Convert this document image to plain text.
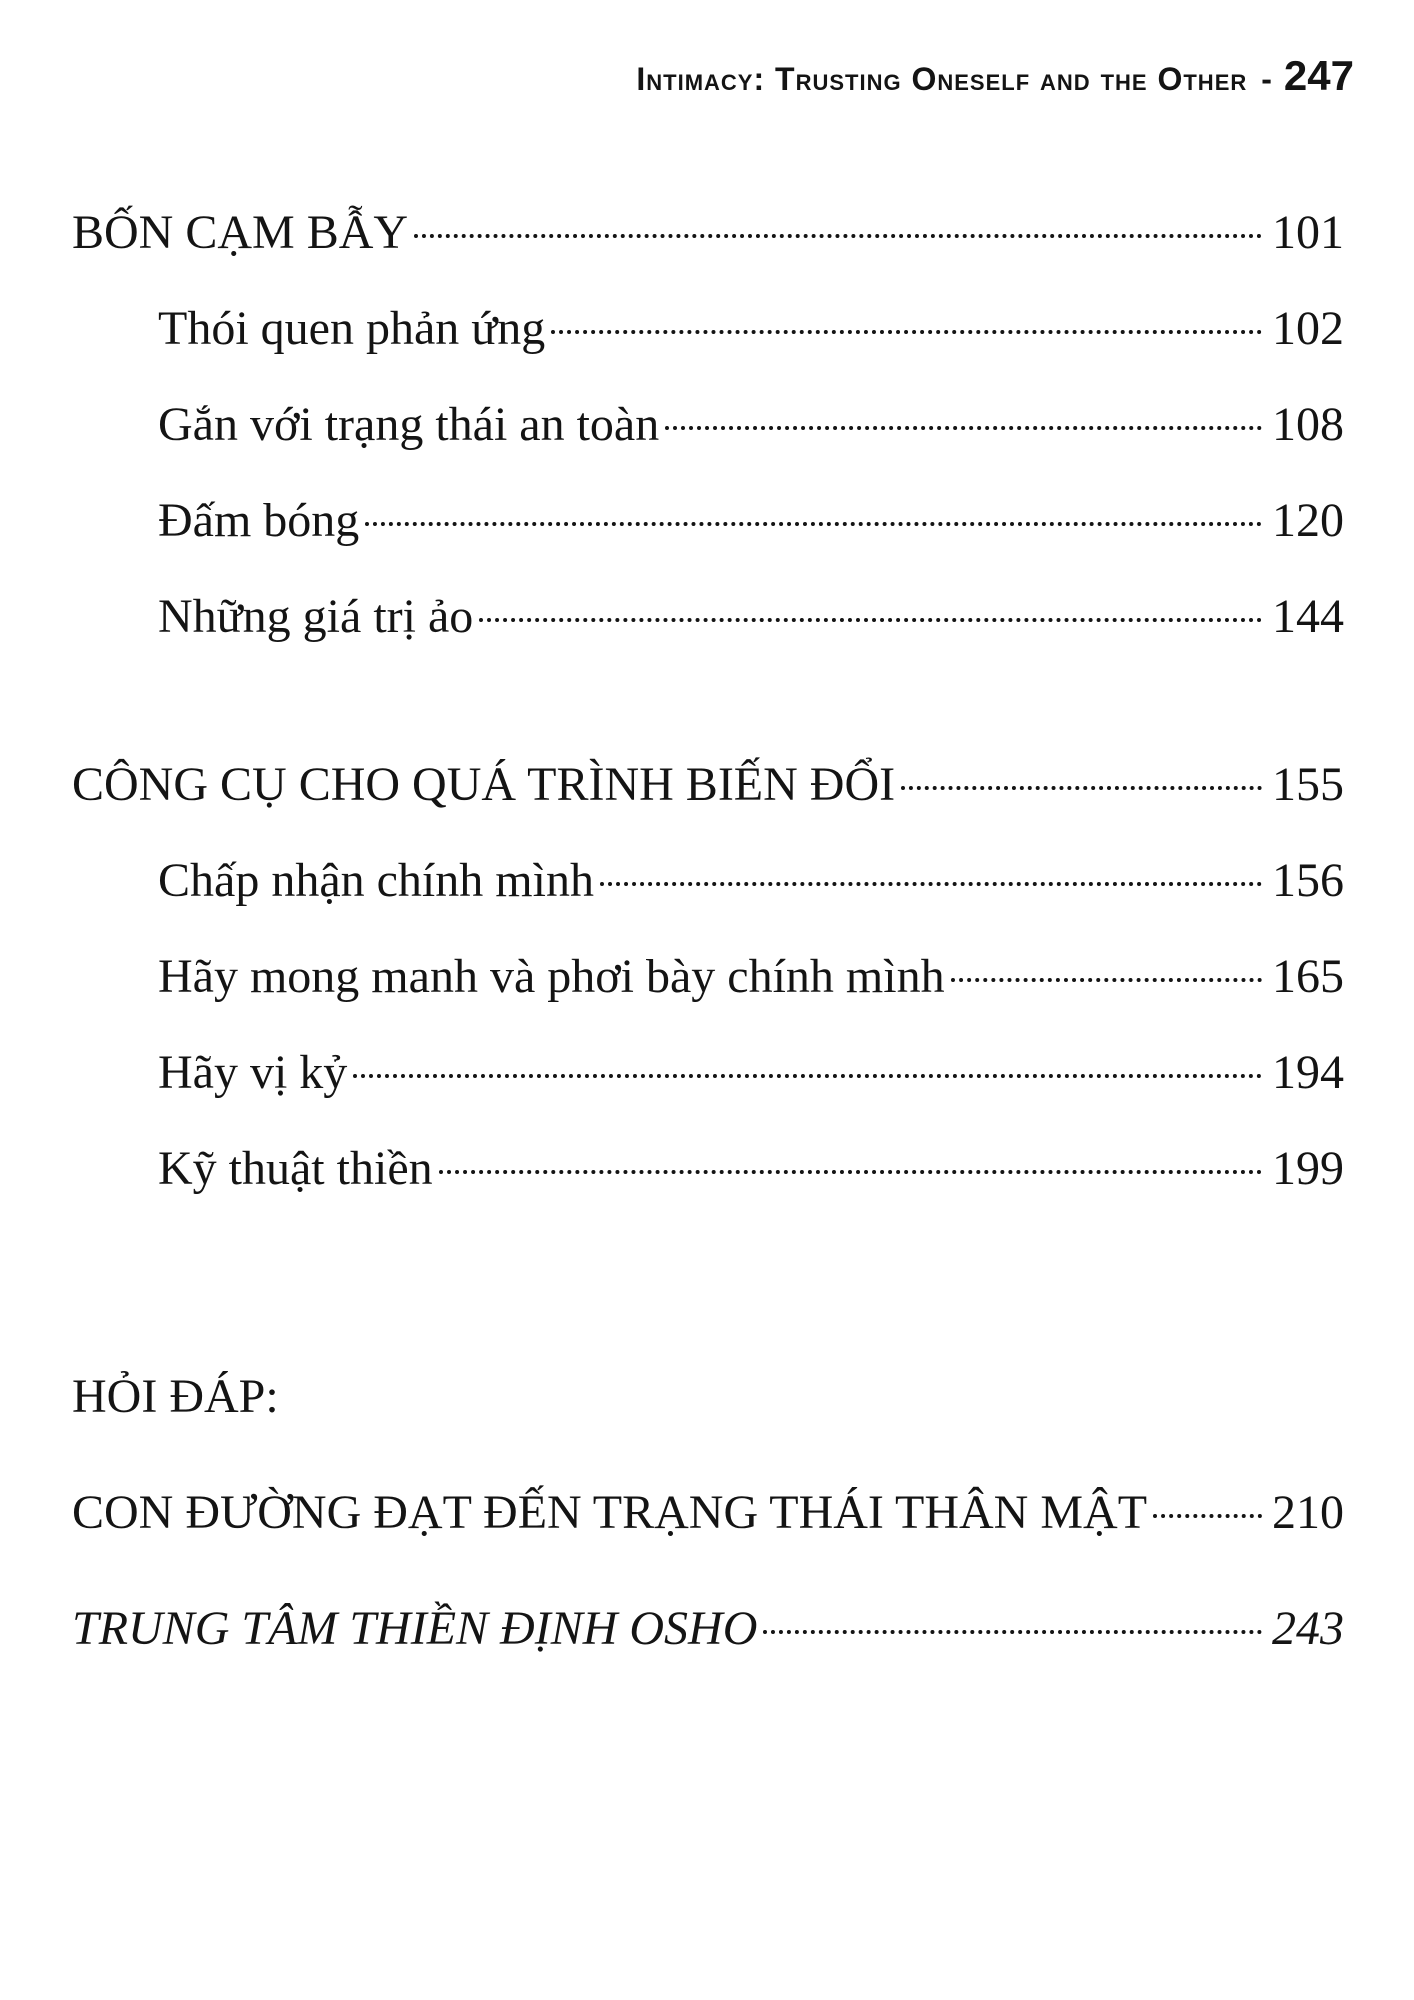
Intimacy: Trusting Oneself and the Other - 247
BỐN CẠM BẪY	101
Thói quen phản ứng	102
Gắn với trạng thái an toàn	108
Đấm bóng	120
Những giá trị ảo	144
CÔNG CỤ CHO QUÁ TRÌNH BIẾN ĐỔI	155
Chấp nhận chính mình	156
Hãy mong manh và phơi bày chính mình	165
Hãy vị kỷ	194
Kỹ thuật thiền	199
HỎI ĐÁP:
CON ĐƯỜNG ĐẠT ĐẾN TRẠNG THÁI THÂN MẬT	210
TRUNG TÂM THIỀN ĐỊNH OSHO	243
